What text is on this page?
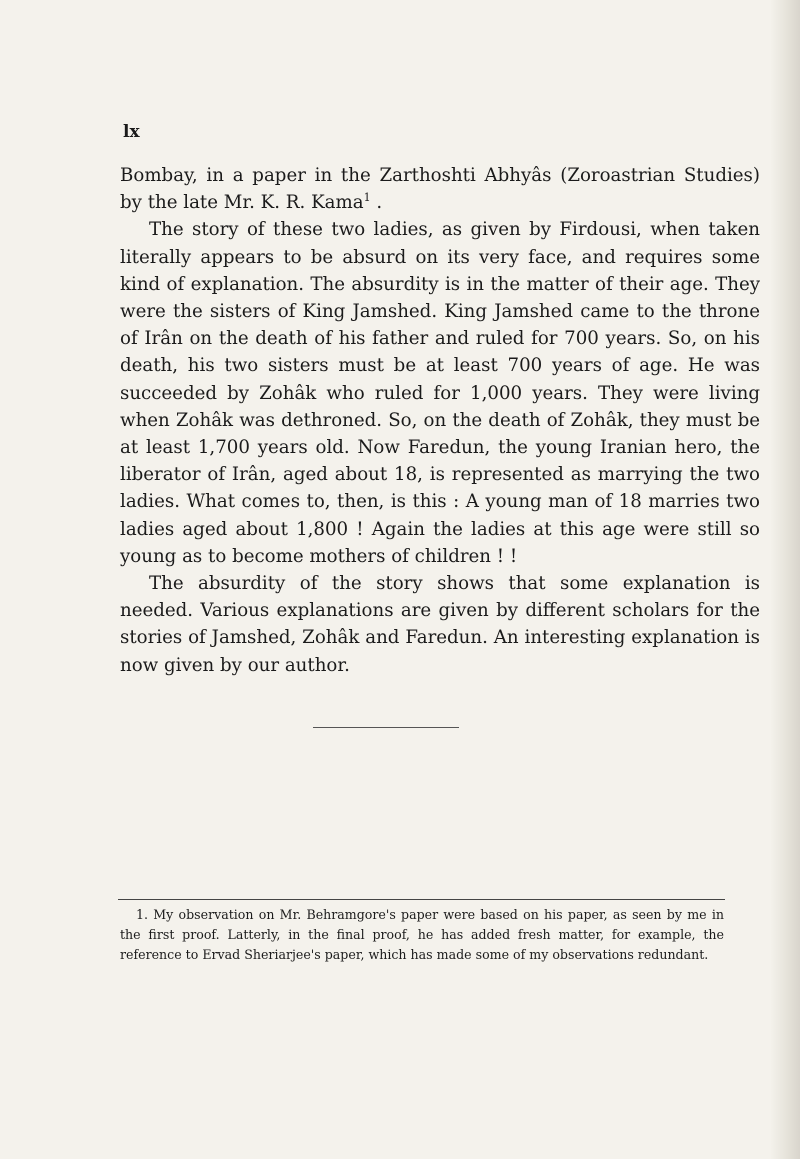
lx

Bombay, in a paper in the Zarthoshti Abhyâs (Zoroastrian Studies) by the late Mr. K. R. Kama$^1$ .

The story of these two ladies, as given by Firdousi, when taken literally appears to be absurd on its very face, and requires some kind of explanation. The absurdity is in the matter of their age. They were the sisters of King Jamshed. King Jamshed came to the throne of Irân on the death of his father and ruled for 700 years. So, on his death, his two sisters must be at least 700 years of age. He was succeeded by Zohâk who ruled for 1,000 years. They were living when Zohâk was dethroned. So, on the death of Zohâk, they must be at least 1,700 years old. Now Faredun, the young Iranian hero, the liberator of Irân, aged about 18, is represented as marrying the two ladies. What comes to, then, is this : A young man of 18 marries two ladies aged about 1,800 ! Again the ladies at this age were still so young as to become mothers of children ! !

The absurdity of the story shows that some explanation is needed. Various explanations are given by different scholars for the stories of Jamshed, Zohâk and Faredun. An interesting explanation is now given by our author.

1. My observation on Mr. Behramgore's paper were based on his paper, as seen by me in the first proof. Latterly, in the final proof, he has added fresh matter, for example, the reference to Ervad Sheriarjee's paper, which has made some of my observations redundant.
